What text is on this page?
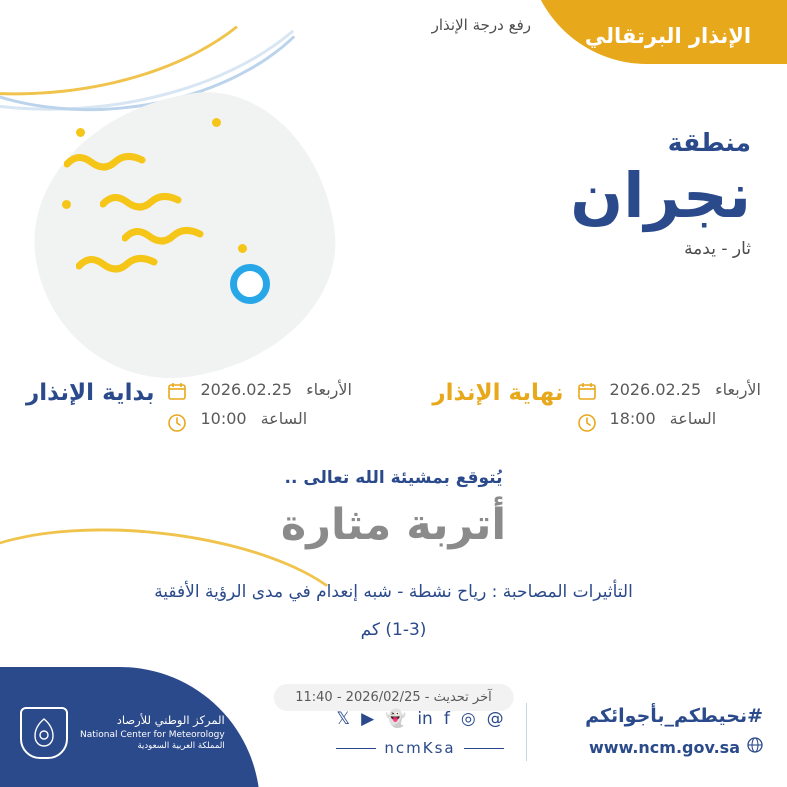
الإنذار البرتقالي
رفع درجة الإنذار
منطقة
نجران
ثار - يدمة
الأربعاء
2026.02.25
الساعة
18:00
نهاية الإنذار
الأربعاء
2026.02.25
الساعة
10:00
بداية الإنذار
يُتوقع بمشيئة الله تعالى ..
أتربة مثارة
التأثيرات المصاحبة : رياح نشطة - شبه إنعدام في مدى الرؤية الأفقية
(1-3) كم
آخر تحديث - 2026/02/25 - 11:40
المركز الوطني للأرصاد
National Center for Meteorology
المملكة العربية السعودية
𝕏 ▶ 👻 in f ◎ @
ncmKsa
#نحيطكم_بأجوائكم
www.ncm.gov.sa
